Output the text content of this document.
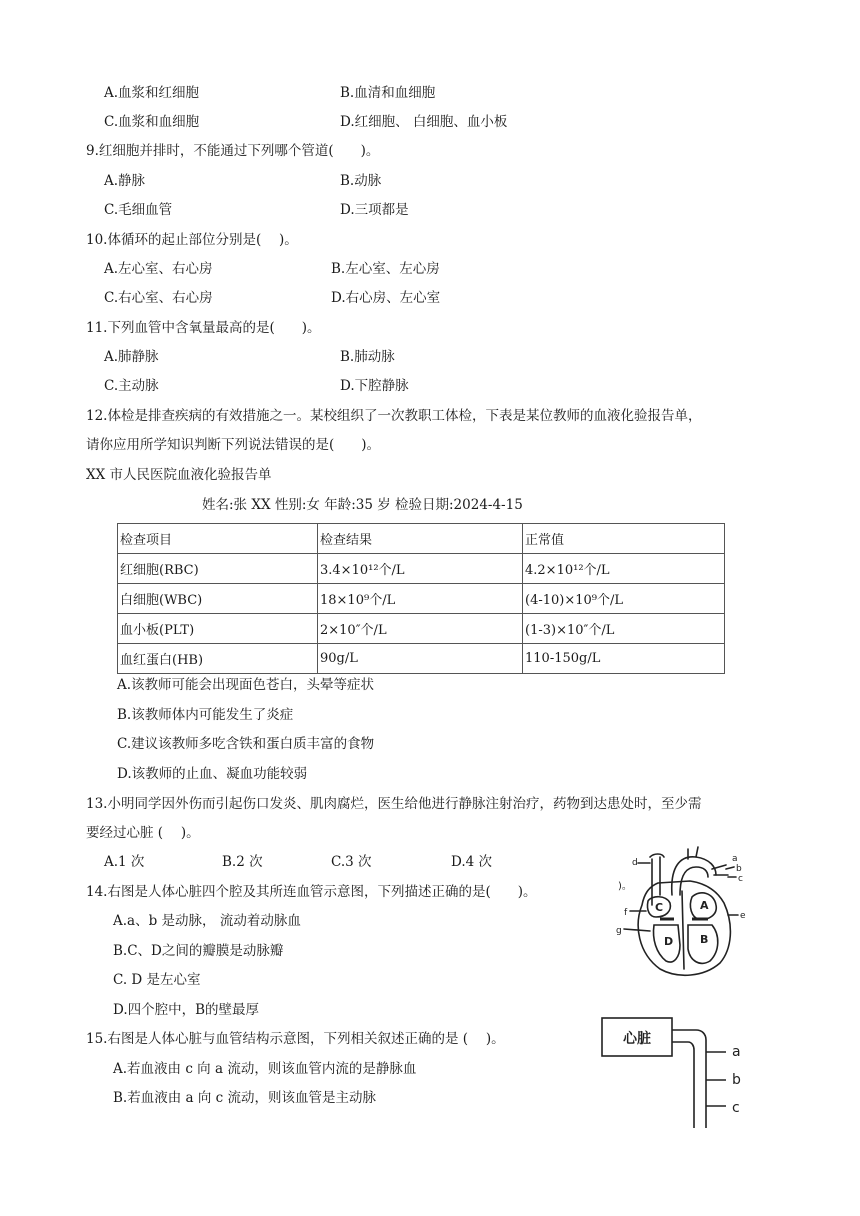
A.血浆和红细胞	B.血清和血细胞
C.血浆和血细胞	D.红细胞、 白细胞、血小板
9.红细胞并排时，不能通过下列哪个管道(　　)。
A.静脉	B.动脉
C.毛细血管	D.三项都是
10.体循环的起止部位分别是(　 )。
A.左心室、右心房	B.左心室、左心房
C.右心室、右心房	D.右心房、左心室
11.下列血管中含氧量最高的是(　　)。
A.肺静脉	B.肺动脉
C.主动脉	D.下腔静脉
12.体检是排查疾病的有效措施之一。某校组织了一次教职工体检，下表是某位教师的血液化验报告单，
请你应用所学知识判断下列说法错误的是(　　)。
XX 市人民医院血液化验报告单
姓名:张 XX 性别:女 年龄:35 岁 检验日期:2024-4-15
检查项目	检查结果	正常值
红细胞(RBC)	3.4×10¹²个/L	4.2×10¹²个/L
白细胞(WBC)	18×10⁹个/L	(4-10)×10⁹个/L
血小板(PLT)	2×10″个/L	(1-3)×10″个/L
血红蛋白(HB)	90g/L	110-150g/L
A.该教师可能会出现面色苍白，头晕等症状
B.该教师体内可能发生了炎症
C.建议该教师多吃含铁和蛋白质丰富的食物
D.该教师的止血、凝血功能较弱
13.小明同学因外伤而引起伤口发炎、肌肉腐烂，医生给他进行静脉注射治疗，药物到达患处时，至少需
要经过心脏 (　 )。
A.1 次	B.2 次	C.3 次	D.4 次
14.右图是人体心脏四个腔及其所连血管示意图，下列描述正确的是(　　)。
A.a、b 是动脉， 流动着动脉血
B.C、D之间的瓣膜是动脉瓣
C. D 是左心室
D.四个腔中，B的壁最厚
d	a
b
c
f	e
g
)。
C	A
D B
15.右图是人体心脏与血管结构示意图，下列相关叙述正确的是 (　 )。
A.若血液由 c 向 a 流动，则该血管内流的是静脉血
B.若血液由 a 向 c 流动，则该血管是主动脉
心脏
a
b
c
